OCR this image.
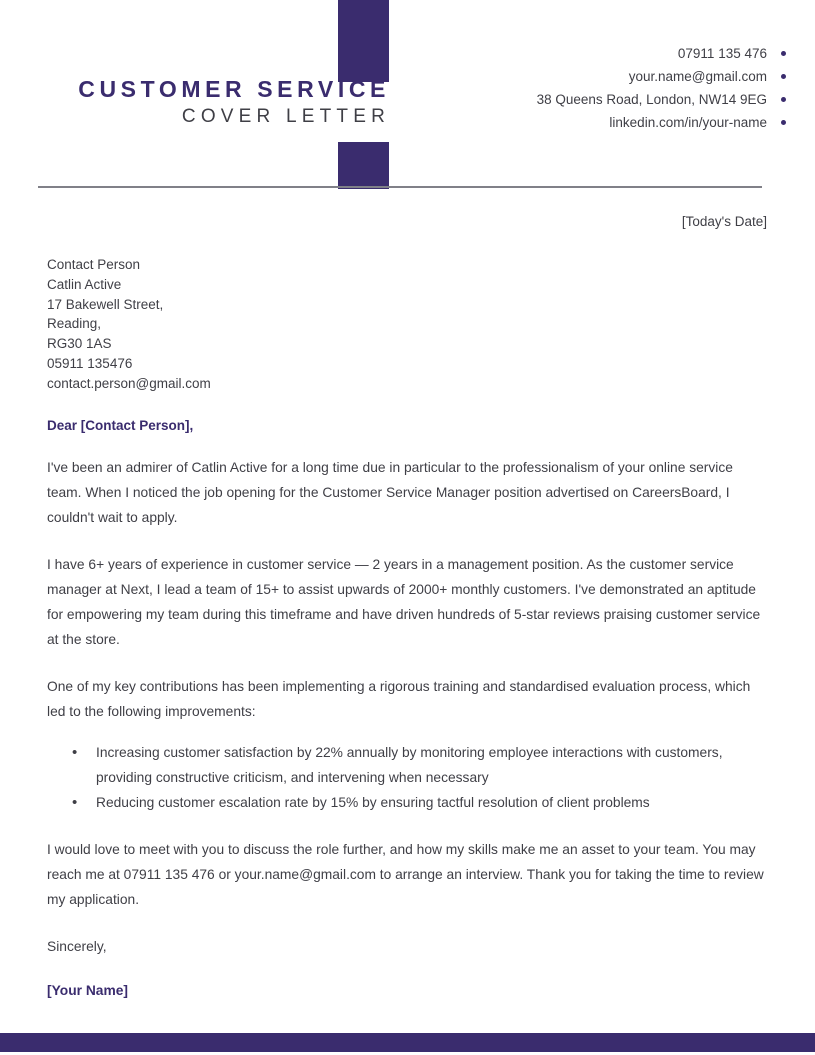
CUSTOMER SERVICE
COVER LETTER
07911 135 476
your.name@gmail.com
38 Queens Road, London, NW14 9EG
linkedin.com/in/your-name
[Today's Date]
Contact Person
Catlin Active
17 Bakewell Street,
Reading,
RG30 1AS
05911 135476
contact.person@gmail.com
Dear [Contact Person],

I've been an admirer of Catlin Active for a long time due in particular to the professionalism of your online service team. When I noticed the job opening for the Customer Service Manager position advertised on CareersBoard, I couldn't wait to apply.

I have 6+ years of experience in customer service — 2 years in a management position. As the customer service manager at Next, I lead a team of 15+ to assist upwards of 2000+ monthly customers. I've demonstrated an aptitude for empowering my team during this timeframe and have driven hundreds of 5-star reviews praising customer service at the store.

One of my key contributions has been implementing a rigorous training and standardised evaluation process, which led to the following improvements:

• Increasing customer satisfaction by 22% annually by monitoring employee interactions with customers, providing constructive criticism, and intervening when necessary
• Reducing customer escalation rate by 15% by ensuring tactful resolution of client problems

I would love to meet with you to discuss the role further, and how my skills make me an asset to your team. You may reach me at 07911 135 476 or your.name@gmail.com to arrange an interview. Thank you for taking the time to review my application.

Sincerely,
[Your Name]
